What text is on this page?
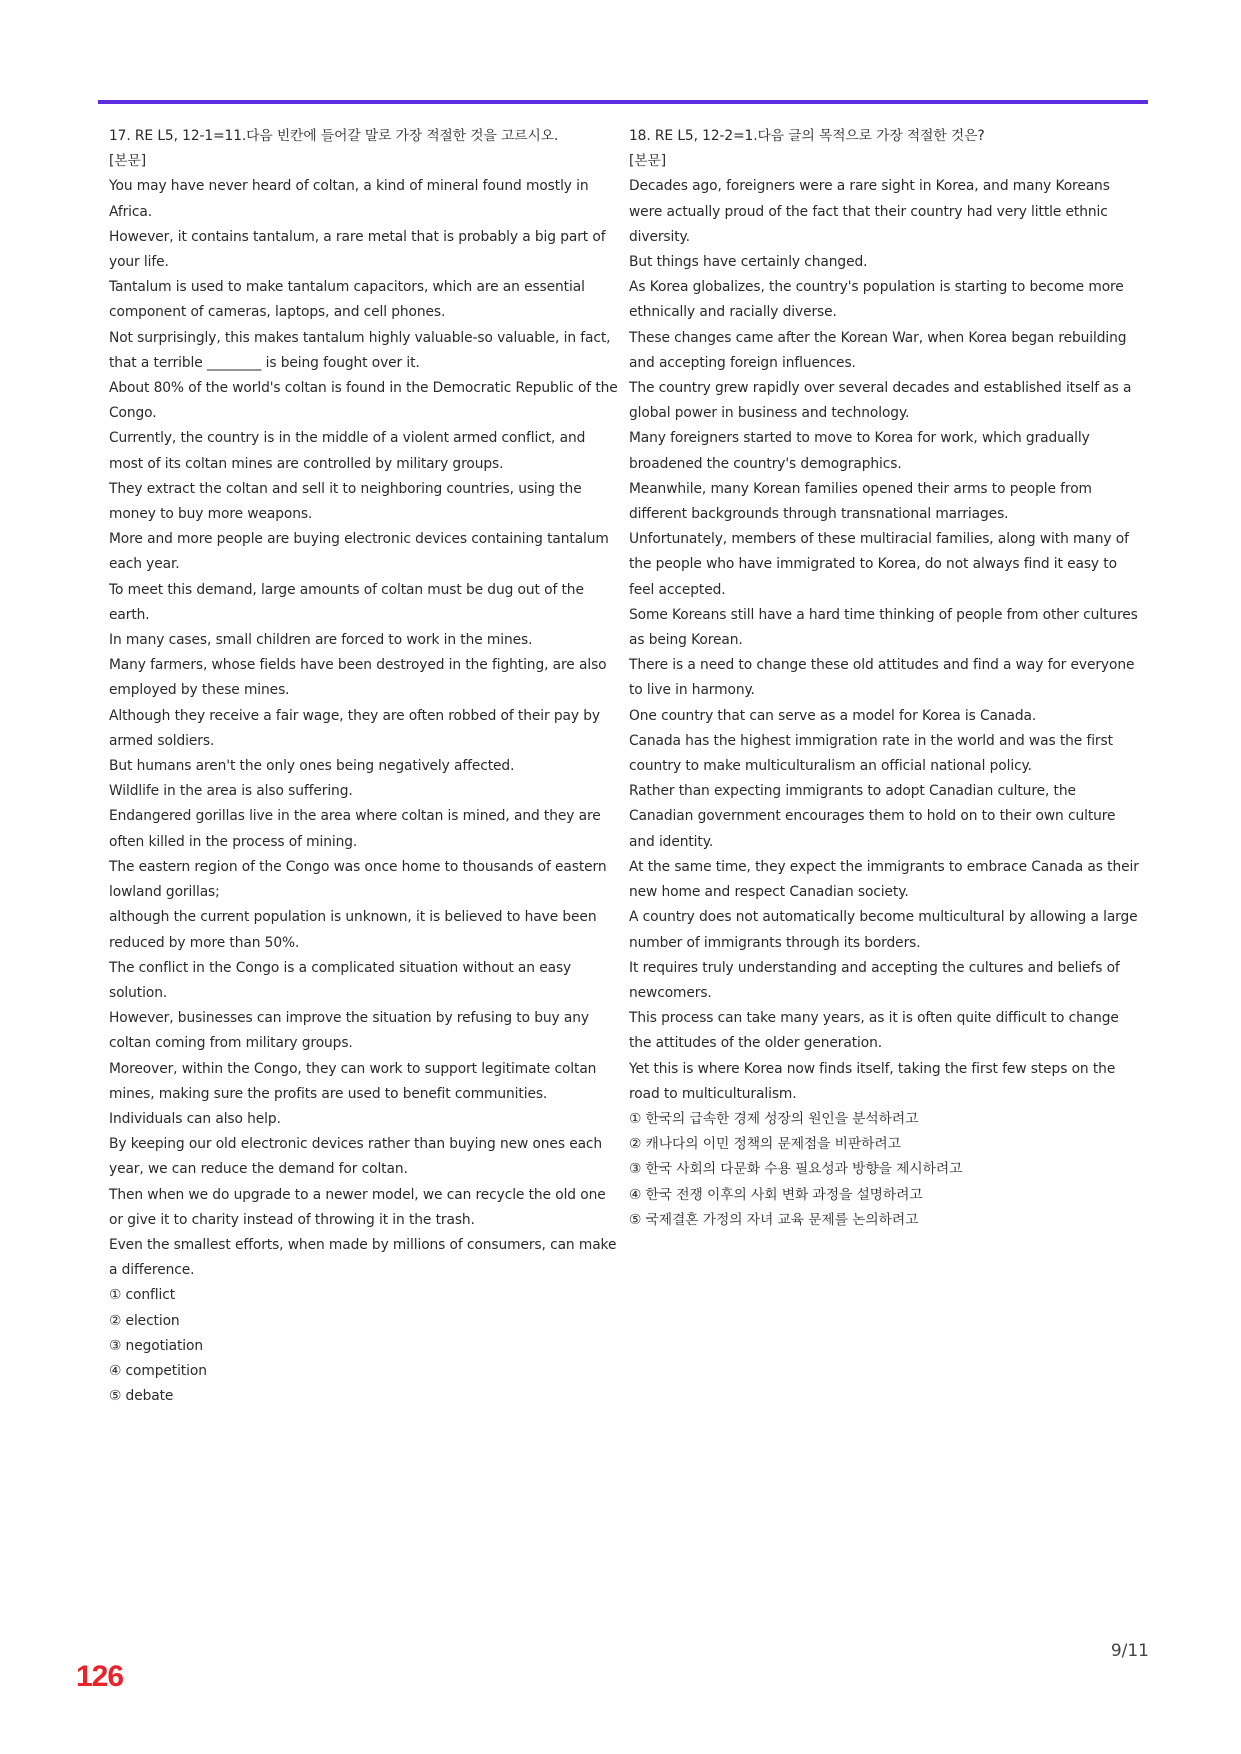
17. RE L5, 12-1=11.다음 빈칸에 들어갈 말로 가장 적절한 것을 고르시오.

[본문]

You may have never heard of coltan, a kind of mineral found mostly in Africa.

However, it contains tantalum, a rare metal that is probably a big part of your life.

Tantalum is used to make tantalum capacitors, which are an essential component of cameras, laptops, and cell phones.

Not surprisingly, this makes tantalum highly valuable-so valuable, in fact, that a terrible ________ is being fought over it.

About 80% of the world's coltan is found in the Democratic Republic of the Congo.

Currently, the country is in the middle of a violent armed conflict, and most of its coltan mines are controlled by military groups.

They extract the coltan and sell it to neighboring countries, using the money to buy more weapons.

More and more people are buying electronic devices containing tantalum each year.

To meet this demand, large amounts of coltan must be dug out of the earth.

In many cases, small children are forced to work in the mines.

Many farmers, whose fields have been destroyed in the fighting, are also employed by these mines.

Although they receive a fair wage, they are often robbed of their pay by armed soldiers.

But humans aren't the only ones being negatively affected.

Wildlife in the area is also suffering.

Endangered gorillas live in the area where coltan is mined, and they are often killed in the process of mining.

The eastern region of the Congo was once home to thousands of eastern lowland gorillas;

although the current population is unknown, it is believed to have been reduced by more than 50%.

The conflict in the Congo is a complicated situation without an easy solution.

However, businesses can improve the situation by refusing to buy any coltan coming from military groups.

Moreover, within the Congo, they can work to support legitimate coltan mines, making sure the profits are used to benefit communities.

Individuals can also help.

By keeping our old electronic devices rather than buying new ones each year, we can reduce the demand for coltan.

Then when we do upgrade to a newer model, we can recycle the old one or give it to charity instead of throwing it in the trash.

Even the smallest efforts, when made by millions of consumers, can make a difference.

① conflict

② election

③ negotiation

④ competition

⑤ debate

18. RE L5, 12-2=1.다음 글의 목적으로 가장 적절한 것은?

[본문]

Decades ago, foreigners were a rare sight in Korea, and many Koreans were actually proud of the fact that their country had very little ethnic diversity.

But things have certainly changed.

As Korea globalizes, the country's population is starting to become more ethnically and racially diverse.

These changes came after the Korean War, when Korea began rebuilding and accepting foreign influences.

The country grew rapidly over several decades and established itself as a global power in business and technology.

Many foreigners started to move to Korea for work, which gradually broadened the country's demographics.

Meanwhile, many Korean families opened their arms to people from different backgrounds through transnational marriages.

Unfortunately, members of these multiracial families, along with many of the people who have immigrated to Korea, do not always find it easy to feel accepted.

Some Koreans still have a hard time thinking of people from other cultures as being Korean.

There is a need to change these old attitudes and find a way for everyone to live in harmony.

One country that can serve as a model for Korea is Canada.

Canada has the highest immigration rate in the world and was the first country to make multiculturalism an official national policy.

Rather than expecting immigrants to adopt Canadian culture, the Canadian government encourages them to hold on to their own culture and identity.

At the same time, they expect the immigrants to embrace Canada as their new home and respect Canadian society.

A country does not automatically become multicultural by allowing a large number of immigrants through its borders.

It requires truly understanding and accepting the cultures and beliefs of newcomers.

This process can take many years, as it is often quite difficult to change the attitudes of the older generation.

Yet this is where Korea now finds itself, taking the first few steps on the road to multiculturalism.

① 한국의 급속한 경제 성장의 원인을 분석하려고

② 캐나다의 이민 정책의 문제점을 비판하려고

③ 한국 사회의 다문화 수용 필요성과 방향을 제시하려고

④ 한국 전쟁 이후의 사회 변화 과정을 설명하려고

⑤ 국제결혼 가정의 자녀 교육 문제를 논의하려고

9/11
126
